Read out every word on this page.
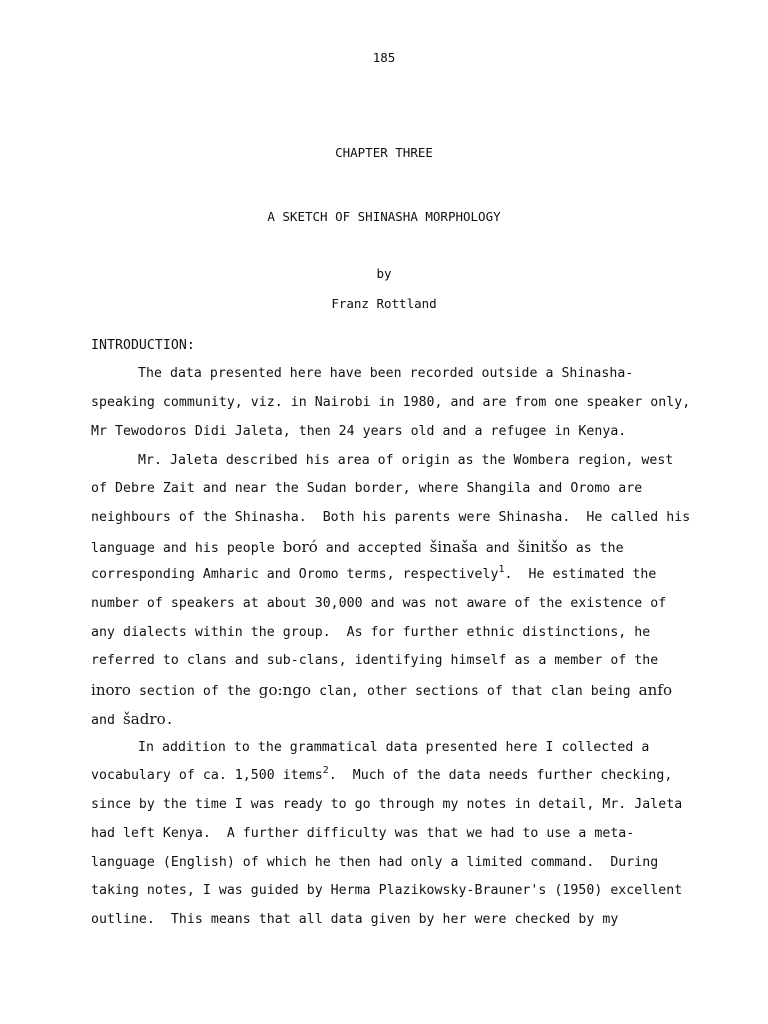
185
CHAPTER THREE
A SKETCH OF SHINASHA MORPHOLOGY
by
Franz Rottland
INTRODUCTION:
The data presented here have been recorded outside a Shinasha-
speaking community, viz. in Nairobi in 1980, and are from one speaker only,
Mr Tewodoros Didi Jaleta, then 24 years old and a refugee in Kenya.
Mr. Jaleta described his area of origin as the Wombera region, west
of Debre Zait and near the Sudan border, where Shangila and Oromo are
neighbours of the Shinasha.  Both his parents were Shinasha.  He called his
language and his people boró and accepted šinaša and šinitšo as the
corresponding Amharic and Oromo terms, respectively$^1$.  He estimated the
number of speakers at about 30,000 and was not aware of the existence of
any dialects within the group.  As for further ethnic distinctions, he
referred to clans and sub-clans, identifying himself as a member of the
inoro section of the go:ngo clan, other sections of that clan being anfo
and šadro.
In addition to the grammatical data presented here I collected a
vocabulary of ca. 1,500 items$^2$.  Much of the data needs further checking,
since by the time I was ready to go through my notes in detail, Mr. Jaleta
had left Kenya.  A further difficulty was that we had to use a meta-
language (English) of which he then had only a limited command.  During
taking notes, I was guided by Herma Plazikowsky-Brauner's (1950) excellent
outline.  This means that all data given by her were checked by my
